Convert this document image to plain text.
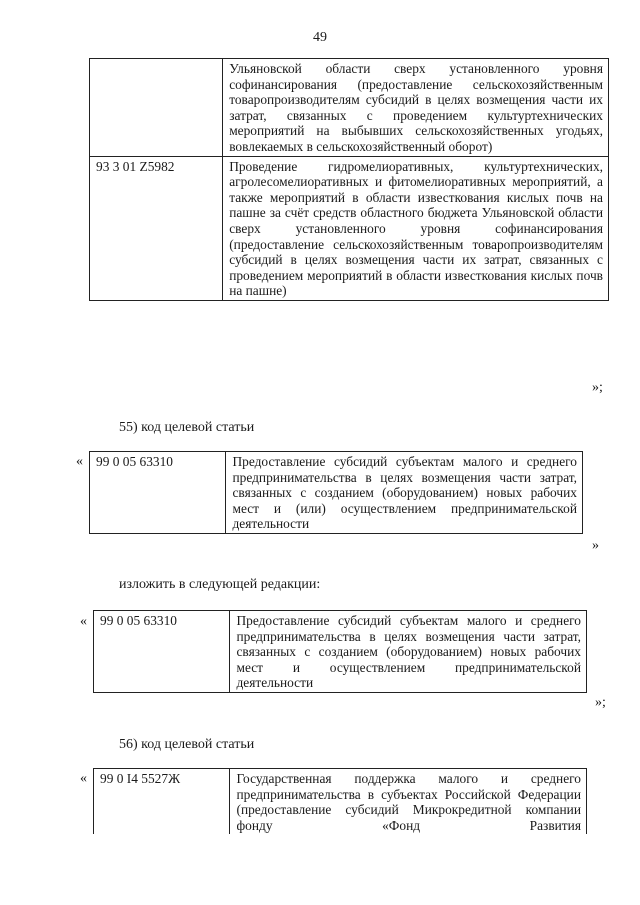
49
	Ульяновской области сверх установленного уровня софинансирования (предоставление сельскохозяйственным товаропроизводителям субсидий в целях возмещения части их затрат, связанных с проведением культуртехнических мероприятий на выбывших сельскохозяйственных угодьях, вовлекаемых в сельскохозяйственный оборот)
93 3 01 Z5982	Проведение гидромелиоративных, культуртехнических, агролесомелиоративных и фитомелиоративных мероприятий, а также мероприятий в области известкования кислых почв на пашне за счёт средств областного бюджета Ульяновской области сверх установленного уровня софинансирования (предоставление сельскохозяйственным товаропроизводителям субсидий в целях возмещения части их затрат, связанных с проведением мероприятий в области известкования кислых почв на пашне)
»;
55) код целевой статьи
« 99 0 05 63310	Предоставление субсидий субъектам малого и среднего предпринимательства в целях возмещения части затрат, связанных с созданием (оборудованием) новых рабочих мест и (или) осуществлением предпринимательской деятельности
»
изложить в следующей редакции:
« 99 0 05 63310	Предоставление субсидий субъектам малого и среднего предпринимательства в целях возмещения части затрат, связанных с созданием (оборудованием) новых рабочих мест и осуществлением предпринимательской деятельности
»;
56) код целевой статьи
« 99 0 I4 5527Ж	Государственная поддержка малого и среднего предпринимательства в субъектах Российской Федерации (предоставление субсидий Микрокредитной компании фонду «Фонд Развития
